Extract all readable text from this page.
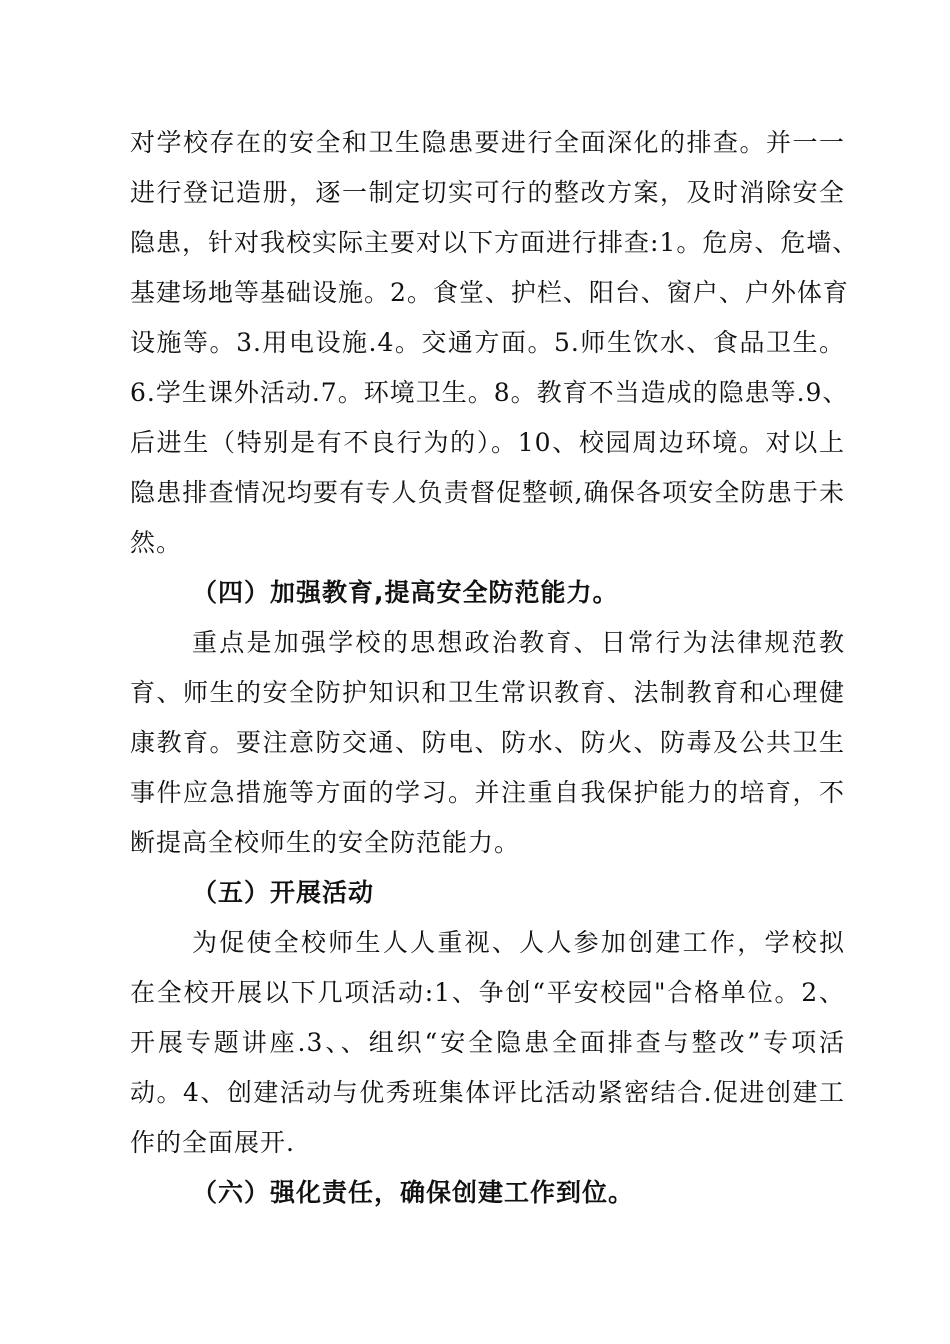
对学校存在的安全和卫生隐患要进行全面深化的排查。并一一
进行登记造册，逐一制定切实可行的整改方案，及时消除安全
隐患，针对我校实际主要对以下方面进行排查:1。危房、危墙、
基建场地等基础设施。2。食堂、护栏、阳台、窗户、户外体育
设施等。3.用电设施.4。交通方面。5.师生饮水、食品卫生。
6.学生课外活动.7。环境卫生。8。教育不当造成的隐患等.9、
后进生（特别是有不良行为的）。10、校园周边环境。对以上
隐患排查情况均要有专人负责督促整顿,确保各项安全防患于未
然。
（四）加强教育,提高安全防范能力。
重点是加强学校的思想政治教育、日常行为法律规范教
育、师生的安全防护知识和卫生常识教育、法制教育和心理健
康教育。要注意防交通、防电、防水、防火、防毒及公共卫生
事件应急措施等方面的学习。并注重自我保护能力的培育，不
断提高全校师生的安全防范能力。
（五）开展活动
为促使全校师生人人重视、人人参加创建工作，学校拟
在全校开展以下几项活动:1、争创“平安校园"合格单位。2、
开展专题讲座.3、、组织“安全隐患全面排查与整改”专项活
动。4、创建活动与优秀班集体评比活动紧密结合.促进创建工
作的全面展开.
（六）强化责任，确保创建工作到位。
